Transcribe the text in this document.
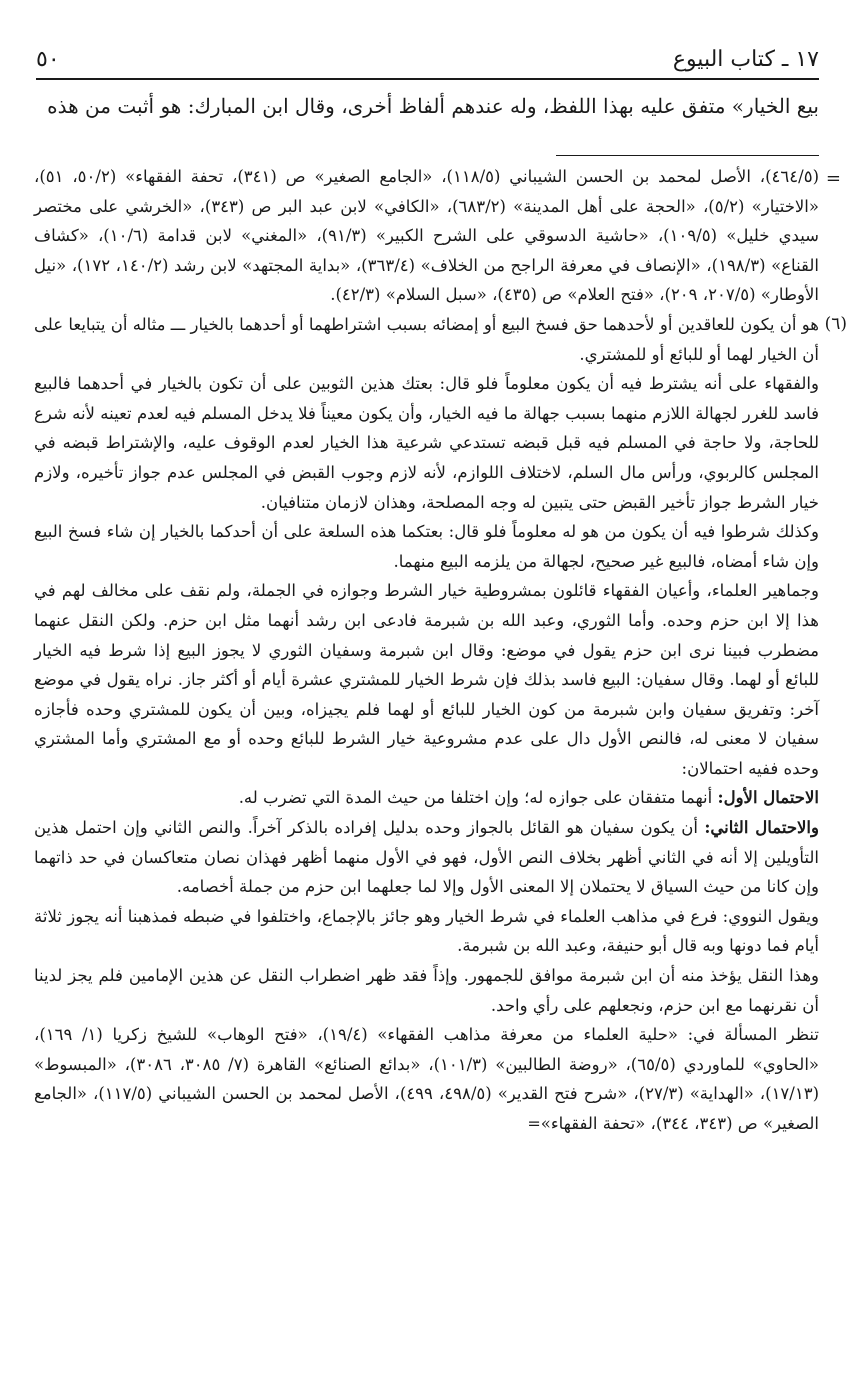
١٧ ـ كتاب البيوع
٥٠
بيع الخيار» متفق عليه بهذا اللفظ، وله عندهم ألفاظ أخرى، وقال ابن المبارك: هو أثبت من هذه
=

(٤٦٤/٥)، الأصل لمحمد بن الحسن الشيباني (١١٨/٥)، «الجامع الصغير» ص (٣٤١)، تحفة الفقهاء» (٥٠/٢، ٥١)، «الاختيار» (٥/٢)، «الحجة على أهل المدينة» (٦٨٣/٢)، «الكافي» لابن عبد البر ص (٣٤٣)، «الخرشي على مختصر سيدي خليل» (١٠٩/٥)، «حاشية الدسوقي على الشرح الكبير» (٩١/٣)، «المغني» لابن قدامة (١٠/٦)، «كشاف القناع» (١٩٨/٣)، «الإنصاف في معرفة الراجح من الخلاف» (٣٦٣/٤)، «بداية المجتهد» لابن رشد (١٤٠/٢، ١٧٢)، «نيل الأوطار» (٢٠٧/٥، ٢٠٩)، «فتح العلام» ص (٤٣٥)، «سبل السلام» (٤٢/٣).

(٦)

هو أن يكون للعاقدين أو لأحدهما حق فسخ البيع أو إمضائه بسبب اشتراطهما أو أحدهما بالخيار ـــ مثاله أن يتبايعا على أن الخيار لهما أو للبائع أو للمشتري.

والفقهاء على أنه يشترط فيه أن يكون معلوماً فلو قال: بعتك هذين الثوبين على أن تكون بالخيار في أحدهما فالبيع فاسد للغرر لجهالة اللازم منهما بسبب جهالة ما فيه الخيار، وأن يكون معيناً فلا يدخل المسلم فيه لعدم تعينه لأنه شرع للحاجة، ولا حاجة في المسلم فيه قبل قبضه تستدعي شرعية هذا الخيار لعدم الوقوف عليه، والإشتراط قبضه في المجلس كالربوي، ورأس مال السلم، لاختلاف اللوازم، لأنه لازم وجوب القبض في المجلس عدم جواز تأخيره، ولازم خيار الشرط جواز تأخير القبض حتى يتبين له وجه المصلحة، وهذان لازمان متنافيان.

وكذلك شرطوا فيه أن يكون من هو له معلوماً فلو قال: بعتكما هذه السلعة على أن أحدكما بالخيار إن شاء فسخ البيع وإن شاء أمضاه، فالبيع غير صحيح، لجهالة من يلزمه البيع منهما.

وجماهير العلماء، وأعيان الفقهاء قائلون بمشروطية خيار الشرط وجوازه في الجملة، ولم نقف على مخالف لهم في هذا إلا ابن حزم وحده. وأما الثوري، وعبد الله بن شبرمة فادعى ابن رشد أنهما مثل ابن حزم. ولكن النقل عنهما مضطرب فبينا نرى ابن حزم يقول في موضع: وقال ابن شبرمة وسفيان الثوري لا يجوز البيع إذا شرط فيه الخيار للبائع أو لهما. وقال سفيان: البيع فاسد بذلك فإن شرط الخيار للمشتري عشرة أيام أو أكثر جاز. نراه يقول في موضع آخر: وتفريق سفيان وابن شبرمة من كون الخيار للبائع أو لهما فلم يجيزاه، وبين أن يكون للمشتري وحده فأجازه سفيان لا معنى له، فالنص الأول دال على عدم مشروعية خيار الشرط للبائع وحده أو مع المشتري وأما المشتري وحده ففيه احتمالان:

الاحتمال الأول: أنهما متفقان على جوازه له؛ وإن اختلفا من حيث المدة التي تضرب له.

والاحتمال الثاني: أن يكون سفيان هو القائل بالجواز وحده بدليل إفراده بالذكر آخراً. والنص الثاني وإن احتمل هذين التأويلين إلا أنه في الثاني أظهر بخلاف النص الأول، فهو في الأول منهما أظهر فهذان نصان متعاكسان في حد ذاتهما وإن كانا من حيث السياق لا يحتملان إلا المعنى الأول وإلا لما جعلهما ابن حزم من جملة أخصامه.

ويقول النووي: فرع في مذاهب العلماء في شرط الخيار وهو جائز بالإجماع، واختلفوا في ضبطه فمذهبنا أنه يجوز ثلاثة أيام فما دونها وبه قال أبو حنيفة، وعبد الله بن شبرمة.

وهذا النقل يؤخذ منه أن ابن شبرمة موافق للجمهور. وإذاً فقد ظهر اضطراب النقل عن هذين الإمامين فلم يجز لدينا أن نقرنهما مع ابن حزم، ونجعلهم على رأي واحد.

تنظر المسألة في: «حلية العلماء من معرفة مذاهب الفقهاء» (١٩/٤)، «فتح الوهاب» للشيخ زكريا (١/ ١٦٩)، «الحاوي» للماوردي (٦٥/٥)، «روضة الطالبين» (١٠١/٣)، «بدائع الصنائع» القاهرة (٧/ ٣٠٨٥، ٣٠٨٦)، «المبسوط» (١٧/١٣)، «الهداية» (٢٧/٣)، «شرح فتح القدير» (٤٩٨/٥، ٤٩٩)، الأصل لمحمد بن الحسن الشيباني (١١٧/٥)، «الجامع الصغير» ص (٣٤٣، ٣٤٤)، «تحفة الفقهاء»=
